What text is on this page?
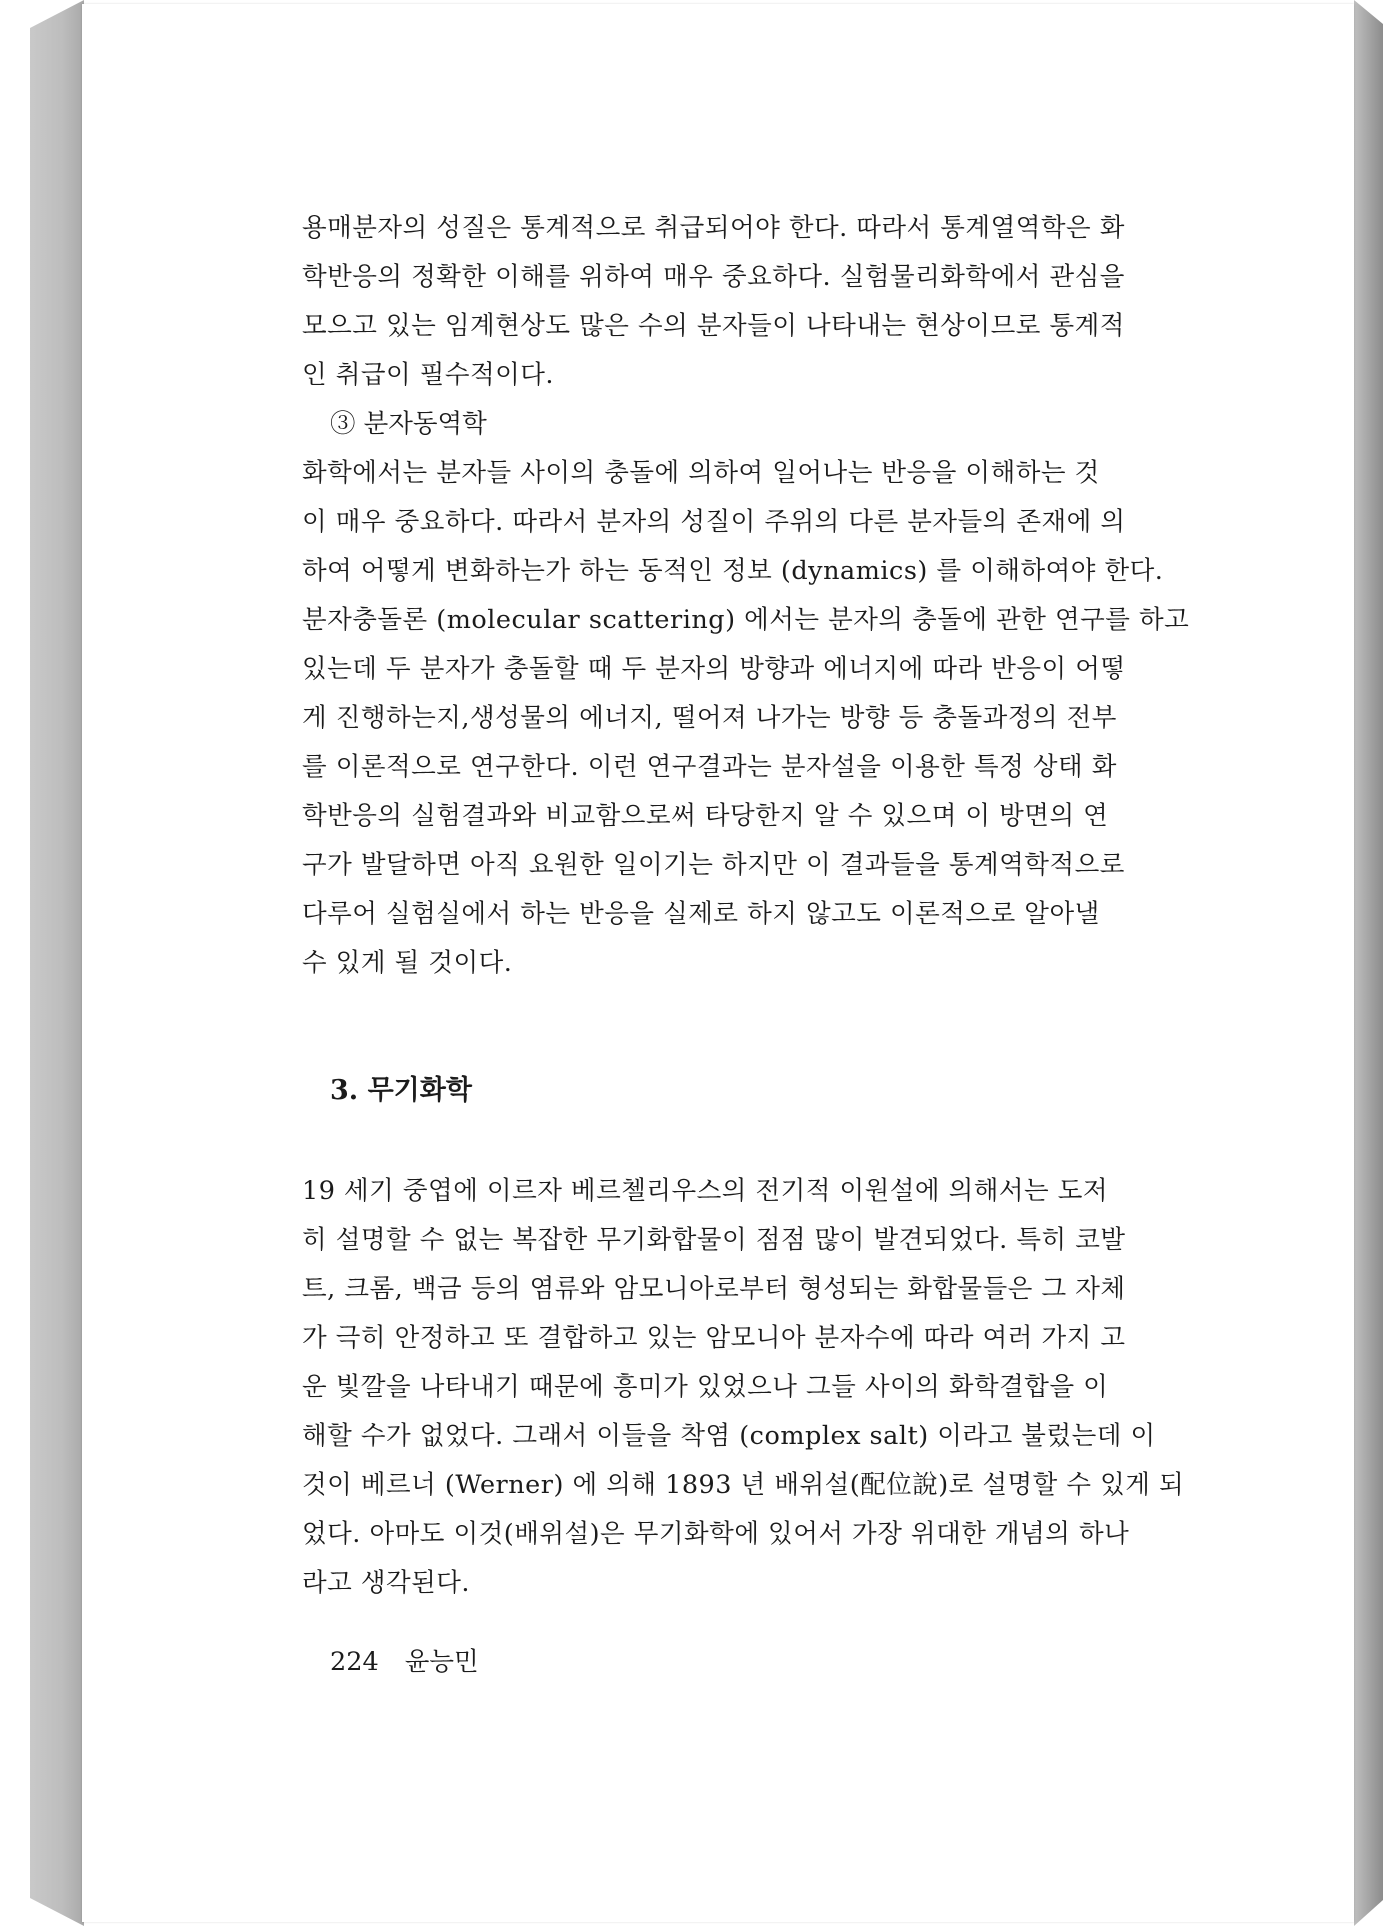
용매분자의 성질은 통계적으로 취급되어야 한다. 따라서 통계열역학은 화

학반응의 정확한 이해를 위하여 매우 중요하다. 실험물리화학에서 관심을

모으고 있는 임계현상도 많은 수의 분자들이 나타내는 현상이므로 통계적

인 취급이 필수적이다.

③ 분자동역학

화학에서는 분자들 사이의 충돌에 의하여 일어나는 반응을 이해하는 것

이 매우 중요하다. 따라서 분자의 성질이 주위의 다른 분자들의 존재에 의

하여 어떻게 변화하는가 하는 동적인 정보 (dynamics) 를 이해하여야 한다.

분자충돌론 (molecular scattering) 에서는 분자의 충돌에 관한 연구를 하고

있는데 두 분자가 충돌할 때 두 분자의 방향과 에너지에 따라 반응이 어떻

게 진행하는지,생성물의 에너지, 떨어져 나가는 방향 등 충돌과정의 전부

를 이론적으로 연구한다. 이런 연구결과는 분자설을 이용한 특정 상태 화

학반응의 실험결과와 비교함으로써 타당한지 알 수 있으며 이 방면의 연

구가 발달하면 아직 요원한 일이기는 하지만 이 결과들을 통계역학적으로

다루어 실험실에서 하는 반응을 실제로 하지 않고도 이론적으로 알아낼

수 있게 될 것이다.

3. 무기화학

19 세기 중엽에 이르자 베르첼리우스의 전기적 이원설에 의해서는 도저

히 설명할 수 없는 복잡한 무기화합물이 점점 많이 발견되었다. 특히 코발

트, 크롬, 백금 등의 염류와 암모니아로부터 형성되는 화합물들은 그 자체

가 극히 안정하고 또 결합하고 있는 암모니아 분자수에 따라 여러 가지 고

운 빛깔을 나타내기 때문에 흥미가 있었으나 그들 사이의 화학결합을 이

해할 수가 없었다. 그래서 이들을 착염 (complex salt) 이라고 불렀는데 이

것이 베르너 (Werner) 에 의해 1893 년 배위설(配位說)로 설명할 수 있게 되

었다. 아마도 이것(배위설)은 무기화학에 있어서 가장 위대한 개념의 하나

라고 생각된다.

224 윤능민
